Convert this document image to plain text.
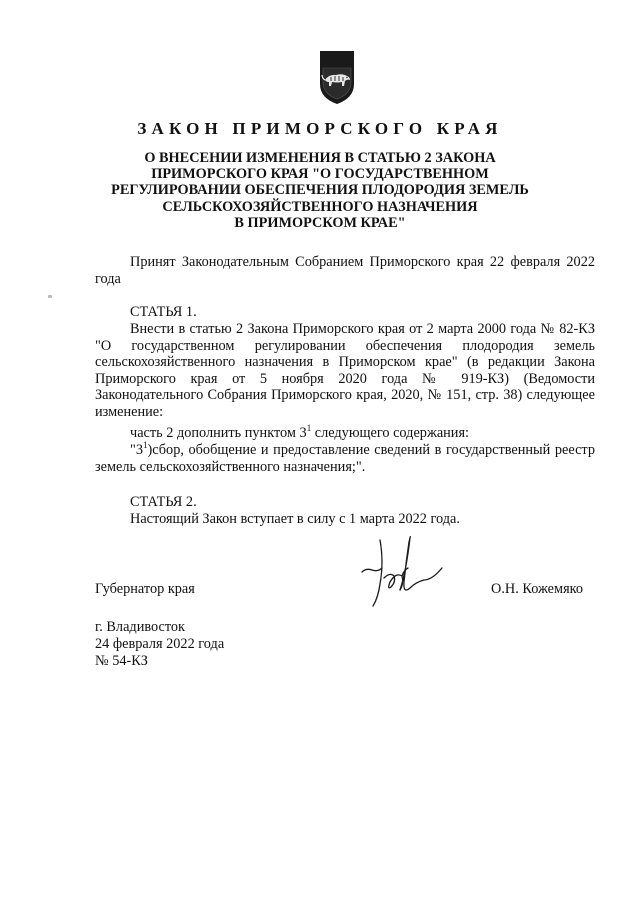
ЗАКОН ПРИМОРСКОГО КРАЯ
О ВНЕСЕНИИ ИЗМЕНЕНИЯ В СТАТЬЮ 2 ЗАКОНА
ПРИМОРСКОГО КРАЯ "О ГОСУДАРСТВЕННОМ
РЕГУЛИРОВАНИИ ОБЕСПЕЧЕНИЯ ПЛОДОРОДИЯ ЗЕМЕЛЬ
СЕЛЬСКОХОЗЯЙСТВЕННОГО НАЗНАЧЕНИЯ
В ПРИМОРСКОМ КРАЕ"

Принят Законодательным Собранием Приморского края 22 февраля 2022 года

СТАТЬЯ 1.

Внести в статью 2 Закона Приморского края от 2 марта 2000 года № 82-КЗ "О государственном регулировании обеспечения плодородия земель сельскохозяйственного назначения в Приморском крае" (в редакции Закона Приморского края от 5 ноября 2020 года № 919-КЗ) (Ведомости Законодательного Собрания Приморского края, 2020, № 151, стр. 38) следующее изменение:

часть 2 дополнить пунктом $3^1$ следующего содержания:

"$3^1)сбор$, обобщение и предоставление сведений в государственный реестр земель сельскохозяйственного назначения;".

СТАТЬЯ 2.

Настоящий Закон вступает в силу с 1 марта 2022 года.

Губернатор края	О.Н. Кожемяко
г. Владивосток
24 февраля 2022 года
№ 54-КЗ
